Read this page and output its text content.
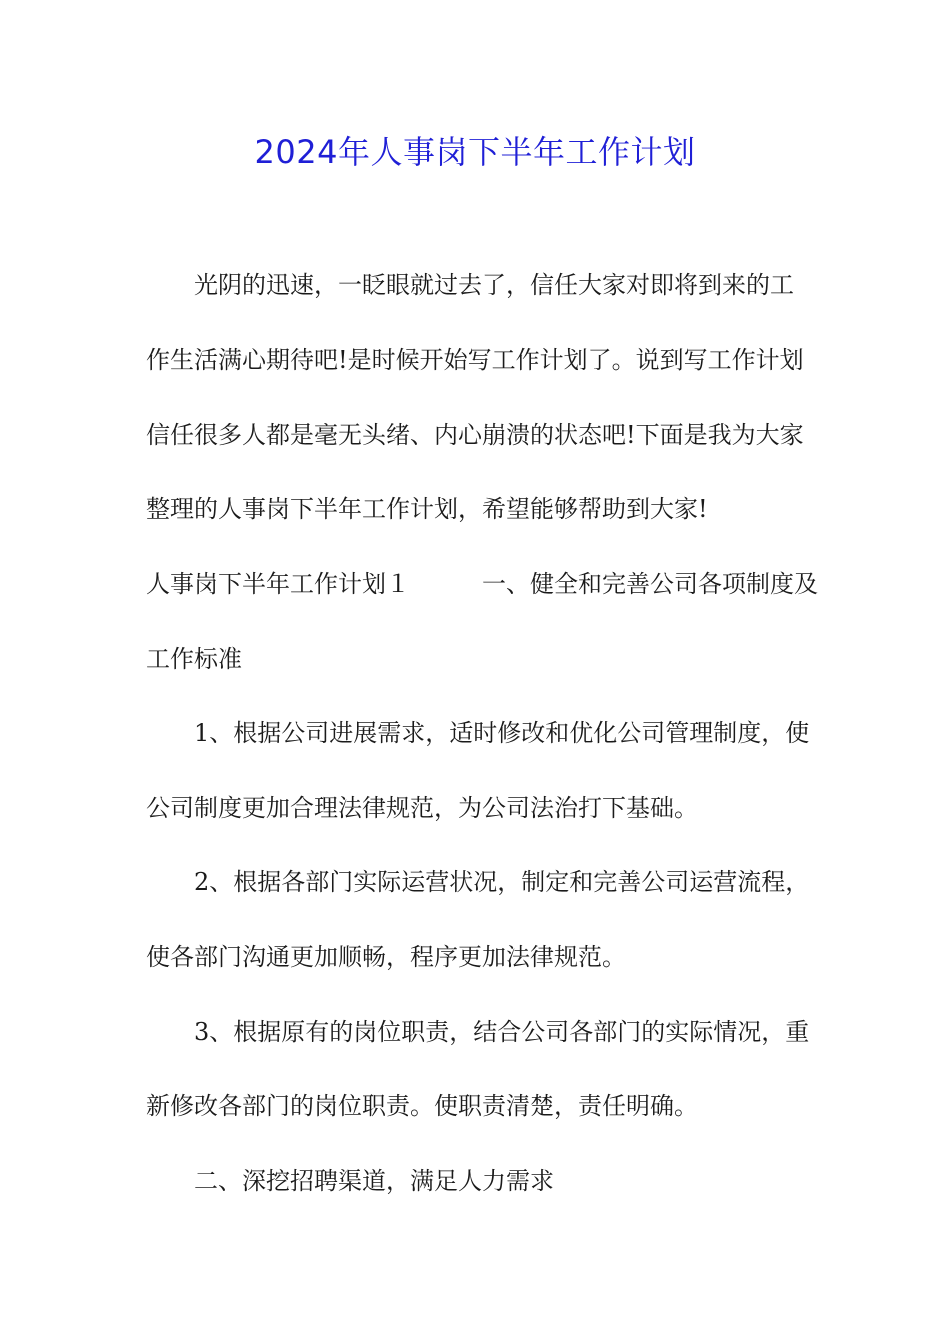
2024年人事岗下半年工作计划

　　光阴的迅速，一眨眼就过去了，信任大家对即将到来的工

作生活满心期待吧!是时候开始写工作计划了。说到写工作计划

信任很多人都是毫无头绪、内心崩溃的状态吧!下面是我为大家

整理的人事岗下半年工作计划，希望能够帮助到大家!

人事岗下半年工作计划１　　　一、健全和完善公司各项制度及

工作标准

　　1、根据公司进展需求，适时修改和优化公司管理制度，使

公司制度更加合理法律规范，为公司法治打下基础。

　　2、根据各部门实际运营状况，制定和完善公司运营流程，

使各部门沟通更加顺畅，程序更加法律规范。

　　3、根据原有的岗位职责，结合公司各部门的实际情况，重

新修改各部门的岗位职责。使职责清楚，责任明确。

　　二、深挖招聘渠道，满足人力需求
